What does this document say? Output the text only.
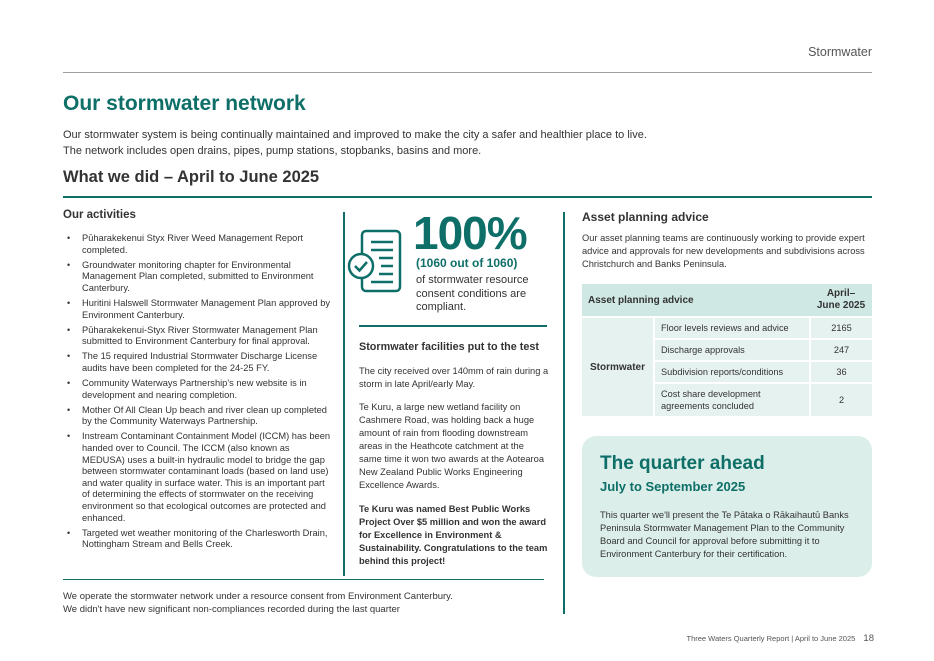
Stormwater
Our stormwater network
Our stormwater system is being continually maintained and improved to make the city a safer and healthier place to live.
The network includes open drains, pipes, pump stations, stopbanks, basins and more.
What we did – April to June 2025
Our activities
• Pūharakekenui Styx River Weed Management Report completed.
• Groundwater monitoring chapter for Environmental Management Plan completed, submitted to Environment Canterbury.
• Huritini Halswell Stormwater Management Plan approved by Environment Canterbury.
• Pūharakekenui-Styx River Stormwater Management Plan submitted to Environment Canterbury for final approval.
• The 15 required Industrial Stormwater Discharge License audits have been completed for the 24-25 FY.
• Community Waterways Partnership's new website is in development and nearing completion.
• Mother Of All Clean Up beach and river clean up completed by the Community Waterways Partnership.
• Instream Contaminant Containment Model (ICCM) has been handed over to Council. The ICCM (also known as MEDUSA) uses a built-in hydraulic model to bridge the gap between stormwater contaminant loads (based on land use) and water quality in surface water. This is an important part of determining the effects of stormwater on the receiving environment so that ecological outcomes are protected and enhanced.
• Targeted wet weather monitoring of the Charlesworth Drain, Nottingham Stream and Bells Creek.
We operate the stormwater network under a resource consent from Environment Canterbury.
We didn't have new significant non-compliances recorded during the last quarter
100%
(1060 out of 1060)
of stormwater resource consent conditions are compliant.
Stormwater facilities put to the test
The city received over 140mm of rain during a storm in late April/early May.
Te Kuru, a large new wetland facility on Cashmere Road, was holding back a huge amount of rain from flooding downstream areas in the Heathcote catchment at the same time it won two awards at the Aotearoa New Zealand Public Works Engineering Excellence Awards.
Te Kuru was named Best Public Works Project Over $5 million and won the award for Excellence in Environment & Sustainability. Congratulations to the team behind this project!
Asset planning advice
Our asset planning teams are continuously working to provide expert advice and approvals for new developments and subdivisions across Christchurch and Banks Peninsula.
Asset planning advice		April–June 2025
Stormwater	Floor levels reviews and advice	2165
	Discharge approvals	247
	Subdivision reports/conditions	36
	Cost share development agreements concluded	2
The quarter ahead
July to September 2025
This quarter we'll present the Te Pātaka o Rākaihautū Banks Peninsula Stormwater Management Plan to the Community Board and Council for approval before submitting it to Environment Canterbury for their certification.
Three Waters Quarterly Report | April to June 2025 18
